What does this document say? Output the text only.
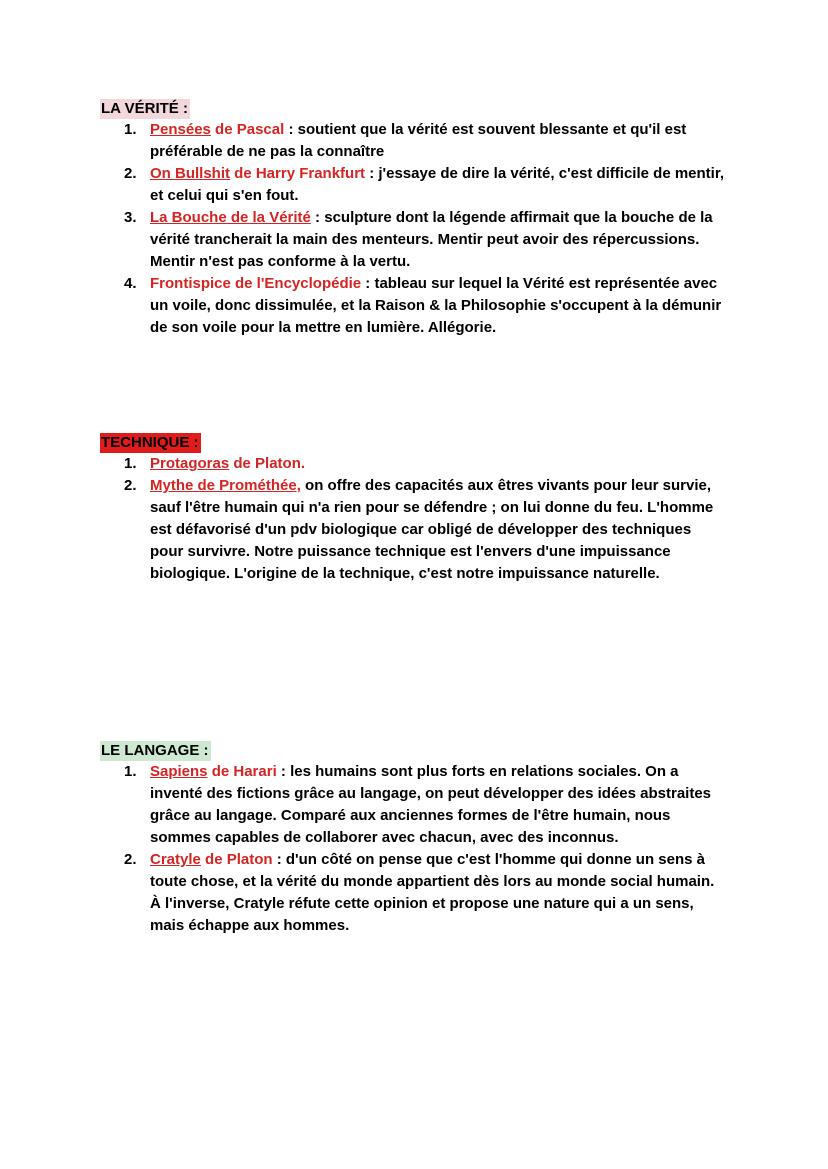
LA VÉRITÉ :
1. Pensées de Pascal : soutient que la vérité est souvent blessante et qu'il est préférable de ne pas la connaître
2. On Bullshit de Harry Frankfurt : j'essaye de dire la vérité, c'est difficile de mentir, et celui qui s'en fout.
3. La Bouche de la Vérité : sculpture dont la légende affirmait que la bouche de la vérité trancherait la main des menteurs. Mentir peut avoir des répercussions. Mentir n'est pas conforme à la vertu.
4. Frontispice de l'Encyclopédie : tableau sur lequel la Vérité est représentée avec un voile, donc dissimulée, et la Raison & la Philosophie s'occupent à la démunir de son voile pour la mettre en lumière. Allégorie.
TECHNIQUE :
1. Protagoras de Platon.
2. Mythe de Prométhée, on offre des capacités aux êtres vivants pour leur survie, sauf l'être humain qui n'a rien pour se défendre ; on lui donne du feu. L'homme est défavorisé d'un pdv biologique car obligé de développer des techniques pour survivre. Notre puissance technique est l'envers d'une impuissance biologique. L'origine de la technique, c'est notre impuissance naturelle.
LE LANGAGE :
1. Sapiens de Harari : les humains sont plus forts en relations sociales. On a inventé des fictions grâce au langage, on peut développer des idées abstraites grâce au langage. Comparé aux anciennes formes de l'être humain, nous sommes capables de collaborer avec chacun, avec des inconnus.
2. Cratyle de Platon : d'un côté on pense que c'est l'homme qui donne un sens à toute chose, et la vérité du monde appartient dès lors au monde social humain. À l'inverse, Cratyle réfute cette opinion et propose une nature qui a un sens, mais échappe aux hommes.
